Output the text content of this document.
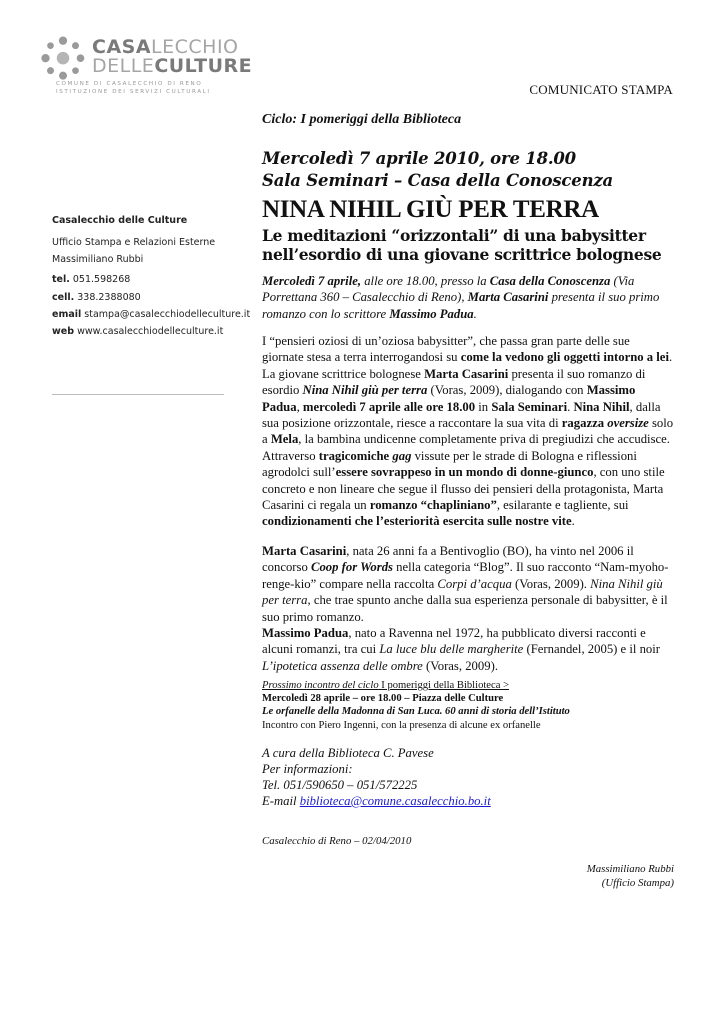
CASALECCHIO
DELLECULTURE
COMUNE DI CASALECCHIO DI RENO
ISTITUZIONE DEI SERVIZI CULTURALI	COMUNICATO STAMPA
Casalecchio delle Culture
Ufficio Stampa e Relazioni Esterne
Massimiliano Rubbi
tel. 051.598268
cell. 338.2388080
email stampa@casalecchiodelleculture.it
web www.casalecchiodelleculture.it
Ciclo: I pomeriggi della Biblioteca
Mercoledì 7 aprile 2010, ore 18.00
Sala Seminari – Casa della Conoscenza
NINA NIHIL GIÙ PER TERRA
Le meditazioni “orizzontali” di una babysitter
nell’esordio di una giovane scrittrice bolognese
Mercoledì 7 aprile, alle ore 18.00, presso la Casa della Conoscenza (Via Porrettana 360 – Casalecchio di Reno), Marta Casarini presenta il suo primo romanzo con lo scrittore Massimo Padua.
I “pensieri oziosi di un’oziosa babysitter”, che passa gran parte delle sue giornate stesa a terra interrogandosi su come la vedono gli oggetti intorno a lei. La giovane scrittrice bolognese Marta Casarini presenta il suo romanzo di esordio Nina Nihil giù per terra (Voras, 2009), dialogando con Massimo Padua, mercoledì 7 aprile alle ore 18.00 in Sala Seminari. Nina Nihil, dalla sua posizione orizzontale, riesce a raccontare la sua vita di ragazza oversize solo a Mela, la bambina undicenne completamente priva di pregiudizi che accudisce. Attraverso tragicomiche gag vissute per le strade di Bologna e riflessioni agrodolci sull’essere sovrappeso in un mondo di donne-giunco, con uno stile concreto e non lineare che segue il flusso dei pensieri della protagonista, Marta Casarini ci regala un romanzo “chapliniano”, esilarante e tagliente, sui condizionamenti che l’esteriorità esercita sulle nostre vite.
Marta Casarini, nata 26 anni fa a Bentivoglio (BO), ha vinto nel 2006 il concorso Coop for Words nella categoria “Blog”. Il suo racconto “Nam-myoho-renge-kio” compare nella raccolta Corpi d’acqua (Voras, 2009). Nina Nihil giù per terra, che trae spunto anche dalla sua esperienza personale di babysitter, è il suo primo romanzo.
Massimo Padua, nato a Ravenna nel 1972, ha pubblicato diversi racconti e alcuni romanzi, tra cui La luce blu delle margherite (Fernandel, 2005) e il noir L’ipotetica assenza delle ombre (Voras, 2009).
Prossimo incontro del ciclo I pomeriggi della Biblioteca >
Mercoledì 28 aprile – ore 18.00 – Piazza delle Culture
Le orfanelle della Madonna di San Luca. 60 anni di storia dell’Istituto
Incontro con Piero Ingenni, con la presenza di alcune ex orfanelle
A cura della Biblioteca C. Pavese
Per informazioni:
Tel. 051/590650 – 051/572225
E-mail biblioteca@comune.casalecchio.bo.it
Casalecchio di Reno – 02/04/2010
Massimiliano Rubbi
(Ufficio Stampa)
